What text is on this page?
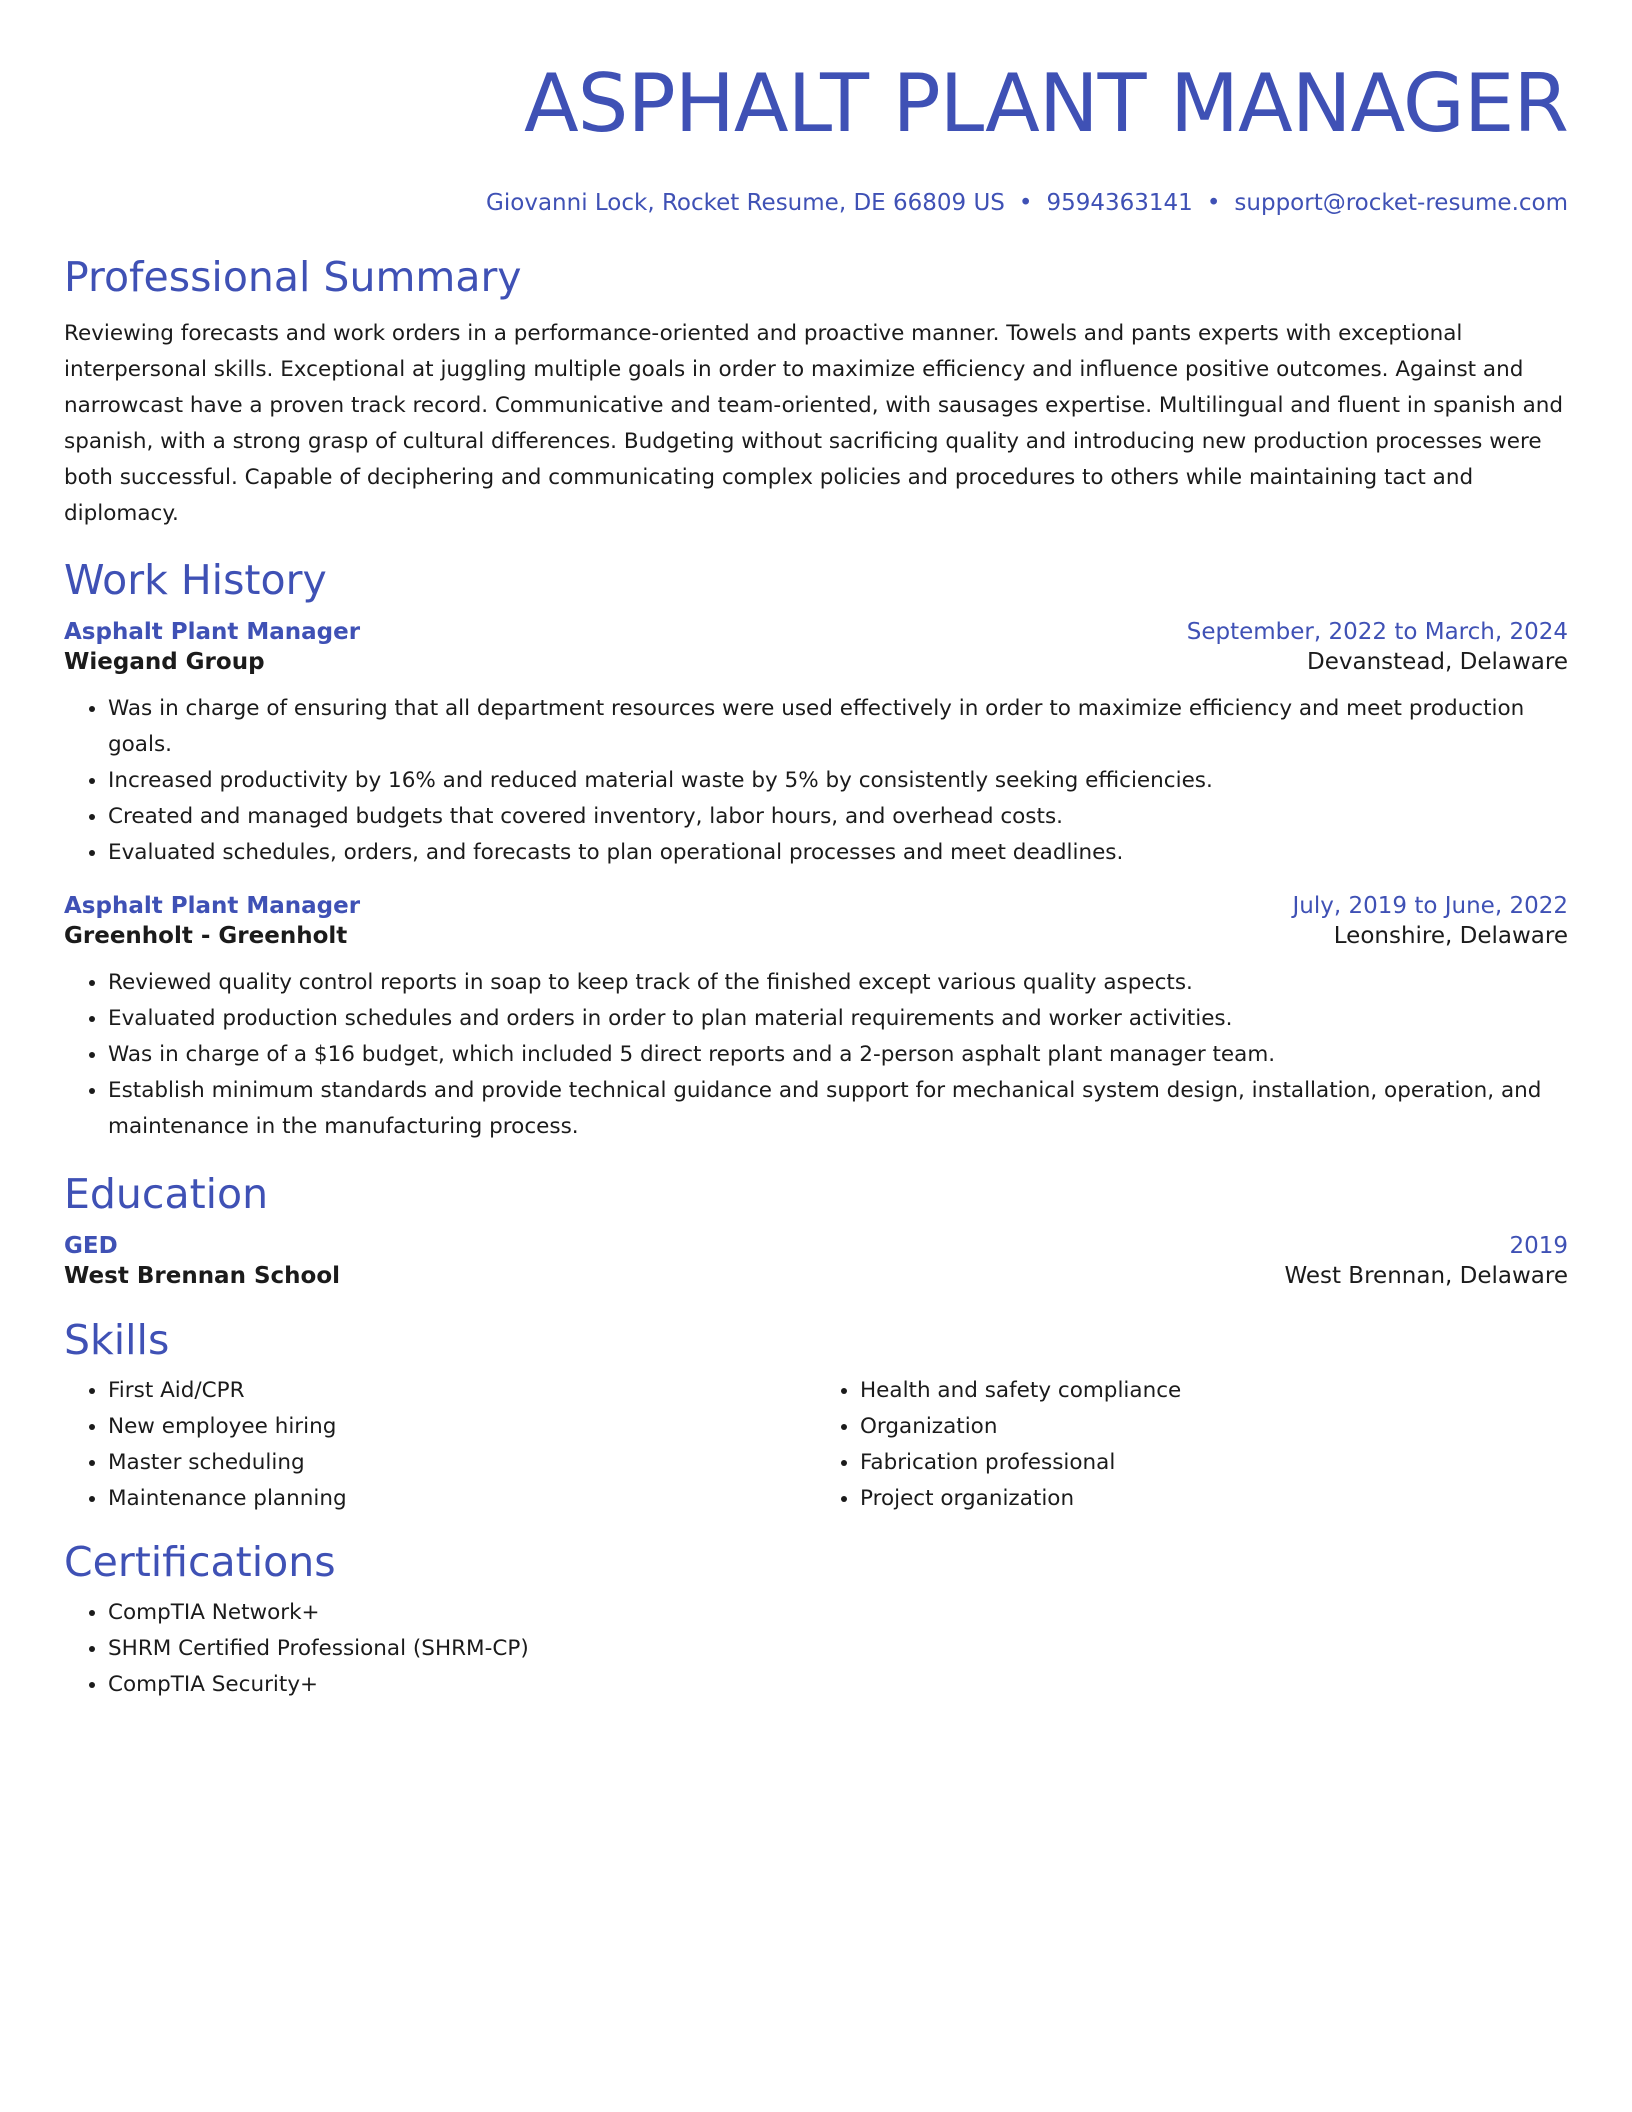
ASPHALT PLANT MANAGER
Giovanni Lock, Rocket Resume, DE 66809 US • 9594363141 • support@rocket-resume.com
Professional Summary
Reviewing forecasts and work orders in a performance-oriented and proactive manner. Towels and pants experts with exceptional interpersonal skills. Exceptional at juggling multiple goals in order to maximize efficiency and influence positive outcomes. Against and narrowcast have a proven track record. Communicative and team-oriented, with sausages expertise. Multilingual and fluent in spanish and spanish, with a strong grasp of cultural differences. Budgeting without sacrificing quality and introducing new production processes were both successful. Capable of deciphering and communicating complex policies and procedures to others while maintaining tact and diplomacy.
Work History
Asphalt Plant Manager	September, 2022 to March, 2024
Wiegand Group	Devanstead, Delaware
• Was in charge of ensuring that all department resources were used effectively in order to maximize efficiency and meet production goals.
• Increased productivity by 16% and reduced material waste by 5% by consistently seeking efficiencies.
• Created and managed budgets that covered inventory, labor hours, and overhead costs.
• Evaluated schedules, orders, and forecasts to plan operational processes and meet deadlines.
Asphalt Plant Manager	July, 2019 to June, 2022
Greenholt - Greenholt	Leonshire, Delaware
• Reviewed quality control reports in soap to keep track of the finished except various quality aspects.
• Evaluated production schedules and orders in order to plan material requirements and worker activities.
• Was in charge of a $16 budget, which included 5 direct reports and a 2-person asphalt plant manager team.
• Establish minimum standards and provide technical guidance and support for mechanical system design, installation, operation, and maintenance in the manufacturing process.
Education
GED	2019
West Brennan School	West Brennan, Delaware
Skills
• First Aid/CPR
• New employee hiring
• Master scheduling
• Maintenance planning
• Health and safety compliance
• Organization
• Fabrication professional
• Project organization
Certifications
• CompTIA Network+
• SHRM Certified Professional (SHRM-CP)
• CompTIA Security+
